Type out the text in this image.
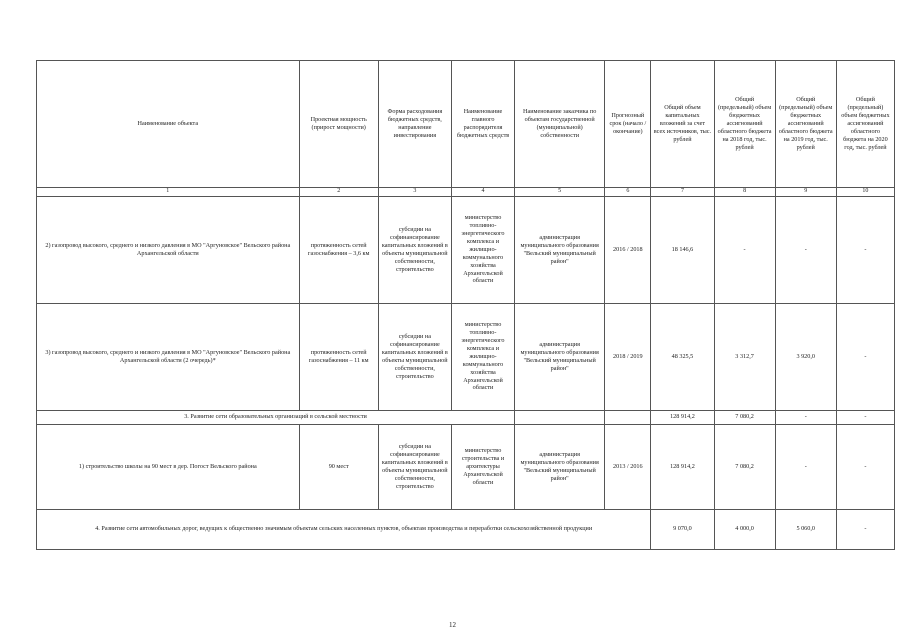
Наименование объекта	Проектная мощность (прирост мощности)	Форма расходования бюджетных средств, направление инвестирования	Наименование главного распорядителя бюджетных средств	Наименование заказчика по объектам государственной (муниципальной) собственности	Прогнозный срок (начало / окончание)	Общий объем капитальных вложений за счет всех источников, тыс. рублей	Общий (предельный) объем бюджетных ассигнований областного бюджета на 2018 год, тыс. рублей	Общий (предельный) объем бюджетных ассигнований областного бюджета на 2019 год, тыс. рублей	Общий (предельный) объем бюджетных ассигнований областного бюджета на 2020 год, тыс. рублей
1	2	3	4	5	6	7	8	9	10
2) газопровод высокого, среднего и низкого давления в МО "Аргуновское" Вельского района Архангельской области	протяженность сетей газоснабжения – 3,6 км	субсидии на софинансирование капитальных вложений в объекты муниципальной собственности, строительство	министерство топливно-энергетического комплекса и жилищно-коммунального хозяйства Архангельской области	администрация муниципального образования "Вельский муниципальный район"	2016 / 2018	18 146,6	-	-	-
3) газопровод высокого, среднего и низкого давления в МО "Аргуновское" Вельского района Архангельской области (2 очередь)*	протяженность сетей газоснабжения – 11 км	субсидии на софинансирование капитальных вложений в объекты муниципальной собственности, строительство	министерство топливно-энергетического комплекса и жилищно-коммунального хозяйства Архангельской области	администрация муниципального образования "Вельский муниципальный район"	2018 / 2019	48 325,5	3 312,7	3 920,0	-
3. Развитие сети образовательных организаций в сельской местности						128 914,2	7 080,2	-	-
1) строительство школы на 90 мест в дер. Погост Вельского района	90 мест	субсидии на софинансирование капитальных вложений в объекты муниципальной собственности, строительство	министерство строительства и архитектуры Архангельской области	администрация муниципального образования "Вельский муниципальный район"	2013 / 2016	128 914,2	7 080,2	-	-
4. Развитие сети автомобильных дорог, ведущих к общественно значимым объектам сельских населенных пунктов, объектам производства и переработки сельскохозяйственной продукции						9 070,0	4 000,0	5 060,0	-
12
